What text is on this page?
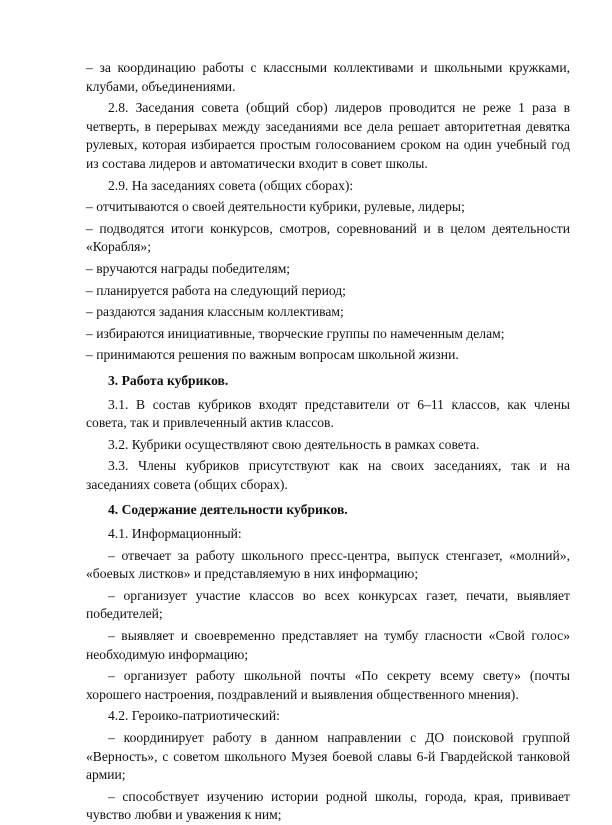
– за координацию работы с классными коллективами и школьными кружками, клубами, объединениями.

2.8. Заседания совета (общий сбор) лидеров проводится не реже 1 раза в четверть, в перерывах между заседаниями все дела решает авторитетная девятка рулевых, которая избирается простым голосованием сроком на один учебный год из состава лидеров и автоматически входит в совет школы.

2.9. На заседаниях совета (общих сборах):

– отчитываются о своей деятельности кубрики, рулевые, лидеры;

– подводятся итоги конкурсов, смотров, соревнований и в целом деятельности «Корабля»;

– вручаются награды победителям;

– планируется работа на следующий период;

– раздаются задания классным коллективам;

– избираются инициативные, творческие группы по намеченным делам;

– принимаются решения по важным вопросам школьной жизни.

3. Работа кубриков.

3.1. В состав кубриков входят представители от 6–11 классов, как члены совета, так и привлеченный актив классов.

3.2. Кубрики осуществляют свою деятельность в рамках совета.

3.3. Члены кубриков присутствуют как на своих заседаниях, так и на заседаниях совета (общих сборах).

4. Содержание деятельности кубриков.

4.1. Информационный:

– отвечает за работу школьного пресс-центра, выпуск стенгазет, «молний», «боевых листков» и представляемую в них информацию;

– организует участие классов во всех конкурсах газет, печати, выявляет победителей;

– выявляет и своевременно представляет на тумбу гласности «Свой голос» необходимую информацию;

– организует работу школьной почты «По секрету всему свету» (почты хорошего настроения, поздравлений и выявления общественного мнения).

4.2. Героико-патриотический:

– координирует работу в данном направлении с ДО поисковой группой «Верность», с советом школьного Музея боевой славы 6-й Гвардейской танковой армии;

– способствует изучению истории родной школы, города, края, прививает чувство любви и уважения к ним;
